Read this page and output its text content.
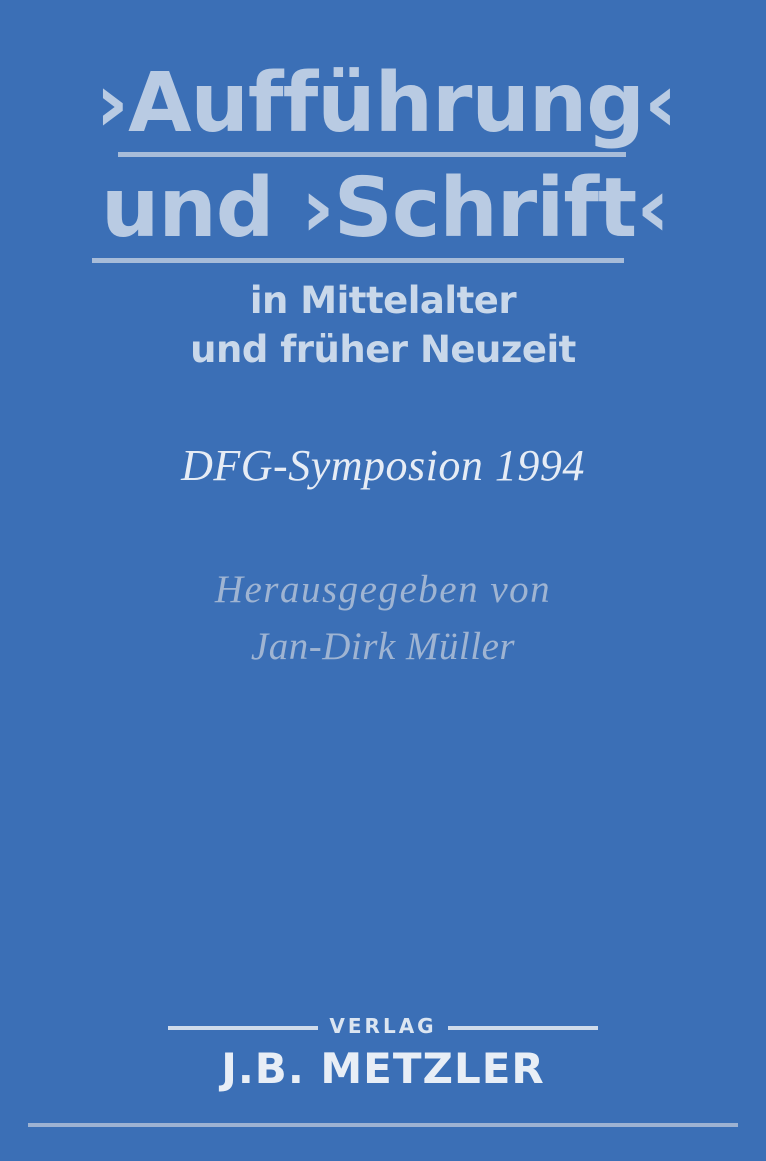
›Aufführung‹
und ›Schrift‹
in Mittelalter
und früher Neuzeit
DFG-Symposion 1994
Herausgegeben von
Jan-Dirk Müller
VERLAG
J.B. METZLER
